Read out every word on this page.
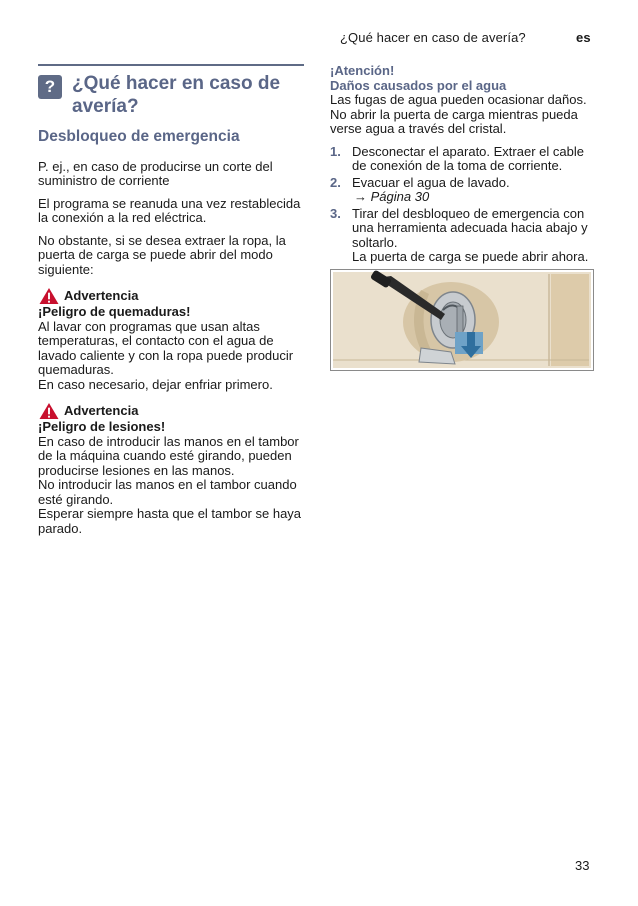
¿Qué hacer en caso de avería?	es
? ¿Qué hacer en caso de avería?
Desbloqueo de emergencia

P. ej., en caso de producirse un corte del suministro de corriente

El programa se reanuda una vez restablecida la conexión a la red eléctrica.

No obstante, si se desea extraer la ropa, la puerta de carga se puede abrir del modo siguiente:

Advertencia

¡Peligro de quemaduras!

Al lavar con programas que usan altas temperaturas, el contacto con el agua de lavado caliente y con la ropa puede producir quemaduras.

En caso necesario, dejar enfriar primero.

Advertencia

¡Peligro de lesiones!

En caso de introducir las manos en el tambor de la máquina cuando esté girando, pueden producirse lesiones en las manos.

No introducir las manos en el tambor cuando esté girando.

Esperar siempre hasta que el tambor se haya parado.

¡Atención!
Daños causados por el agua

Las fugas de agua pueden ocasionar daños.

No abrir la puerta de carga mientras pueda verse agua a través del cristal.

1. Desconectar el aparato. Extraer el cable de conexión de la toma de corriente.
2. Evacuar el agua de lavado.
→ Página 30
3. Tirar del desbloqueo de emergencia con una herramienta adecuada hacia abajo y soltarlo.
La puerta de carga se puede abrir ahora.
33
